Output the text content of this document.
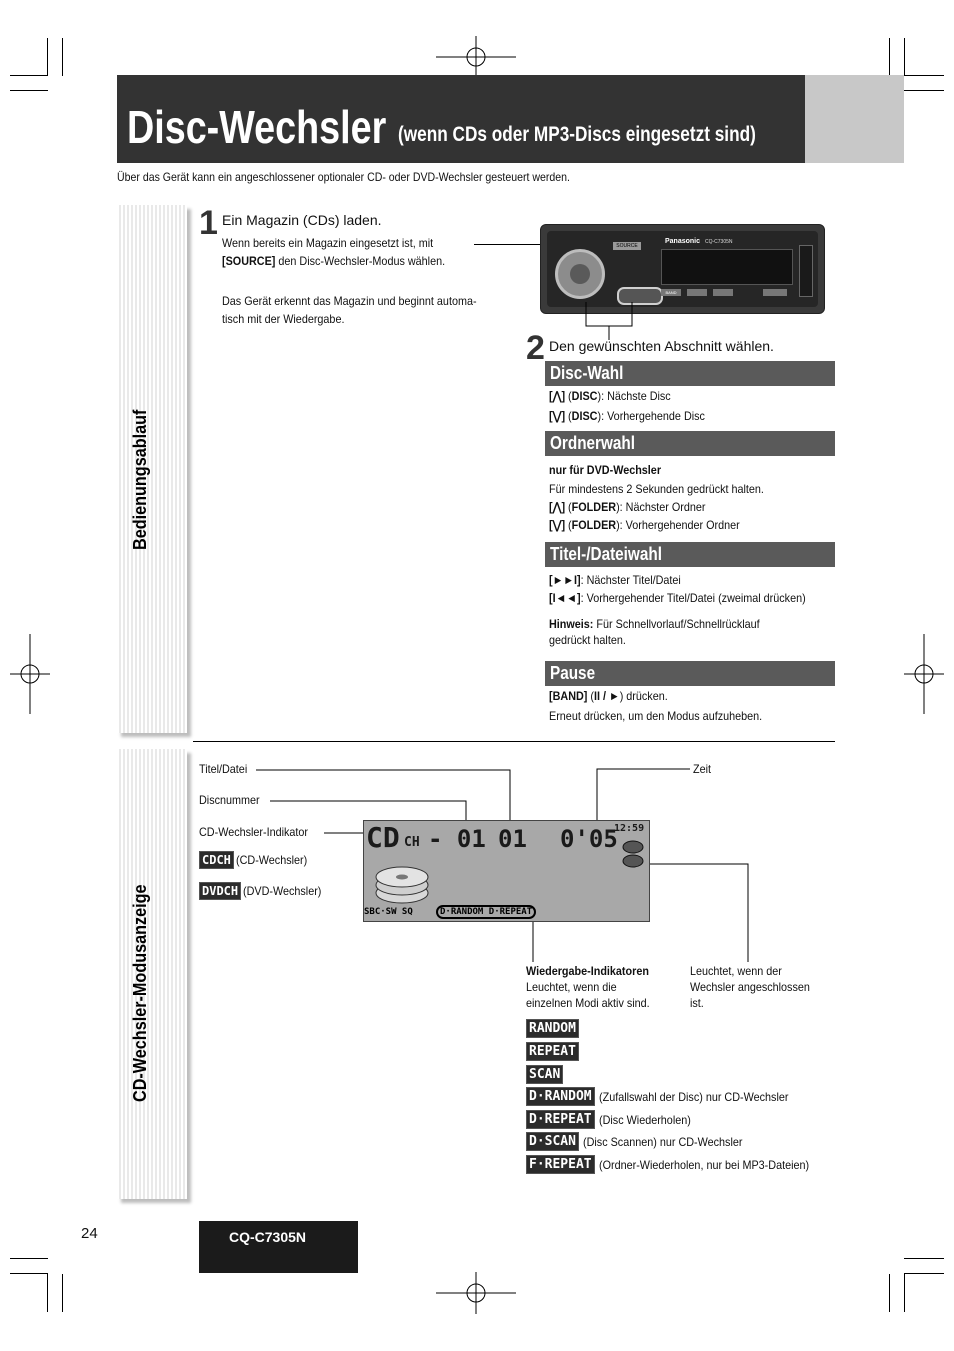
Disc-Wechsler (wenn CDs oder MP3-Discs eingesetzt sind)
Über das Gerät kann ein angeschlossener optionaler CD- oder DVD-Wechsler gesteuert werden.
Bedienungsablauf
CD-Wechsler-Modusanzeige
1 Ein Magazin (CDs) laden.
Wenn bereits ein Magazin eingesetzt ist, mit
[SOURCE] den Disc-Wechsler-Modus wählen.
Das Gerät erkennt das Magazin und beginnt automa-
tisch mit der Wiedergabe.
SOURCE
Panasonic CQ-C7305N
BAND
2 Den gewünschten Abschnitt wählen.
Disc-Wahl
[⋀] (DISC): Nächste Disc
[⋁] (DISC): Vorhergehende Disc
Ordnerwahl
nur für DVD-Wechsler
Für mindestens 2 Sekunden gedrückt halten.
[⋀] (FOLDER): Nächster Ordner
[⋁] (FOLDER): Vorhergehender Ordner
Titel-/Dateiwahl
[►►I]: Nächster Titel/Datei
[I◄◄]: Vorhergehender Titel/Datei (zweimal drücken)
Hinweis: Für Schnellvorlauf/Schnellrücklauf
gedrückt halten.
Pause
[BAND] (II / ►) drücken.
Erneut drücken, um den Modus aufzuheben.
Titel/Datei
Discnummer
CD-Wechsler-Indikator
Zeit
CDCH (CD-Wechsler)
DVDCH (DVD-Wechsler)
CD CH - 01 01 0'05
12:59
SBC·SW SQ	D·RANDOM D·REPEAT
Wiedergabe-Indikatoren
Leuchtet, wenn die
einzelnen Modi aktiv sind.
Leuchtet, wenn der
Wechsler angeschlossen
ist.
RANDOM
REPEAT
SCAN
D·RANDOM (Zufallswahl der Disc) nur CD-Wechsler
D·REPEAT (Disc Wiederholen)
D·SCAN (Disc Scannen) nur CD-Wechsler
F·REPEAT (Ordner-Wiederholen, nur bei MP3-Dateien)
24	CQ-C7305N
